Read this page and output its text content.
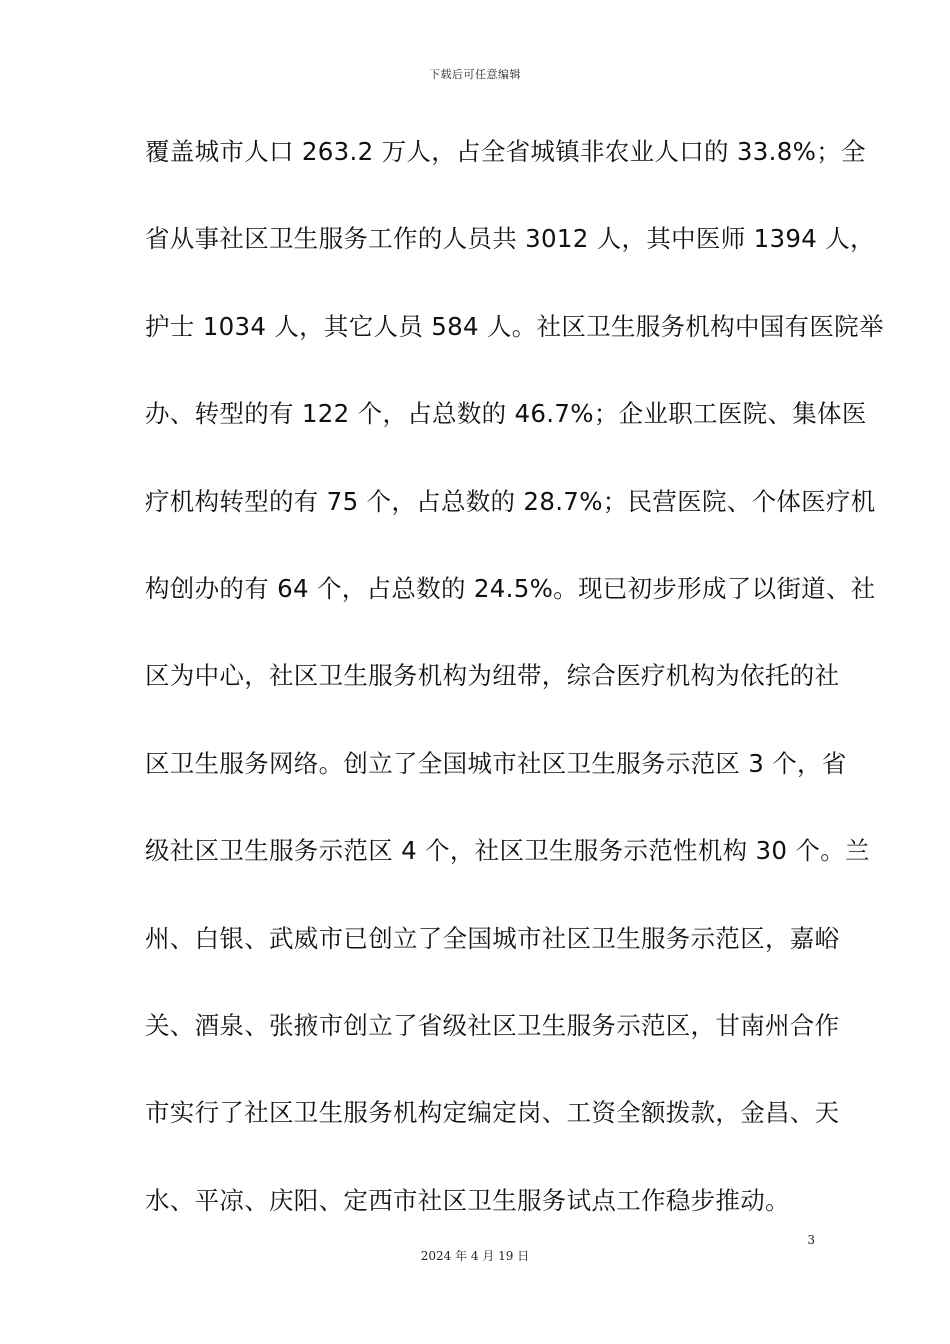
下载后可任意编辑
覆盖城市人口 263.2 万人，占全省城镇非农业人口的 33.8%；全
省从事社区卫生服务工作的人员共 3012 人，其中医师 1394 人，
护士 1034 人，其它人员 584 人。社区卫生服务机构中国有医院举
办、转型的有 122 个，占总数的 46.7%；企业职工医院、集体医
疗机构转型的有 75 个，占总数的 28.7%；民营医院、个体医疗机
构创办的有 64 个，占总数的 24.5%。现已初步形成了以街道、社
区为中心，社区卫生服务机构为纽带，综合医疗机构为依托的社
区卫生服务网络。创立了全国城市社区卫生服务示范区 3 个，省
级社区卫生服务示范区 4 个，社区卫生服务示范性机构 30 个。兰
州、白银、武威市已创立了全国城市社区卫生服务示范区，嘉峪
关、酒泉、张掖市创立了省级社区卫生服务示范区，甘南州合作
市实行了社区卫生服务机构定编定岗、工资全额拨款，金昌、天
水、平凉、庆阳、定西市社区卫生服务试点工作稳步推动。
3
2024 年 4 月 19 日
